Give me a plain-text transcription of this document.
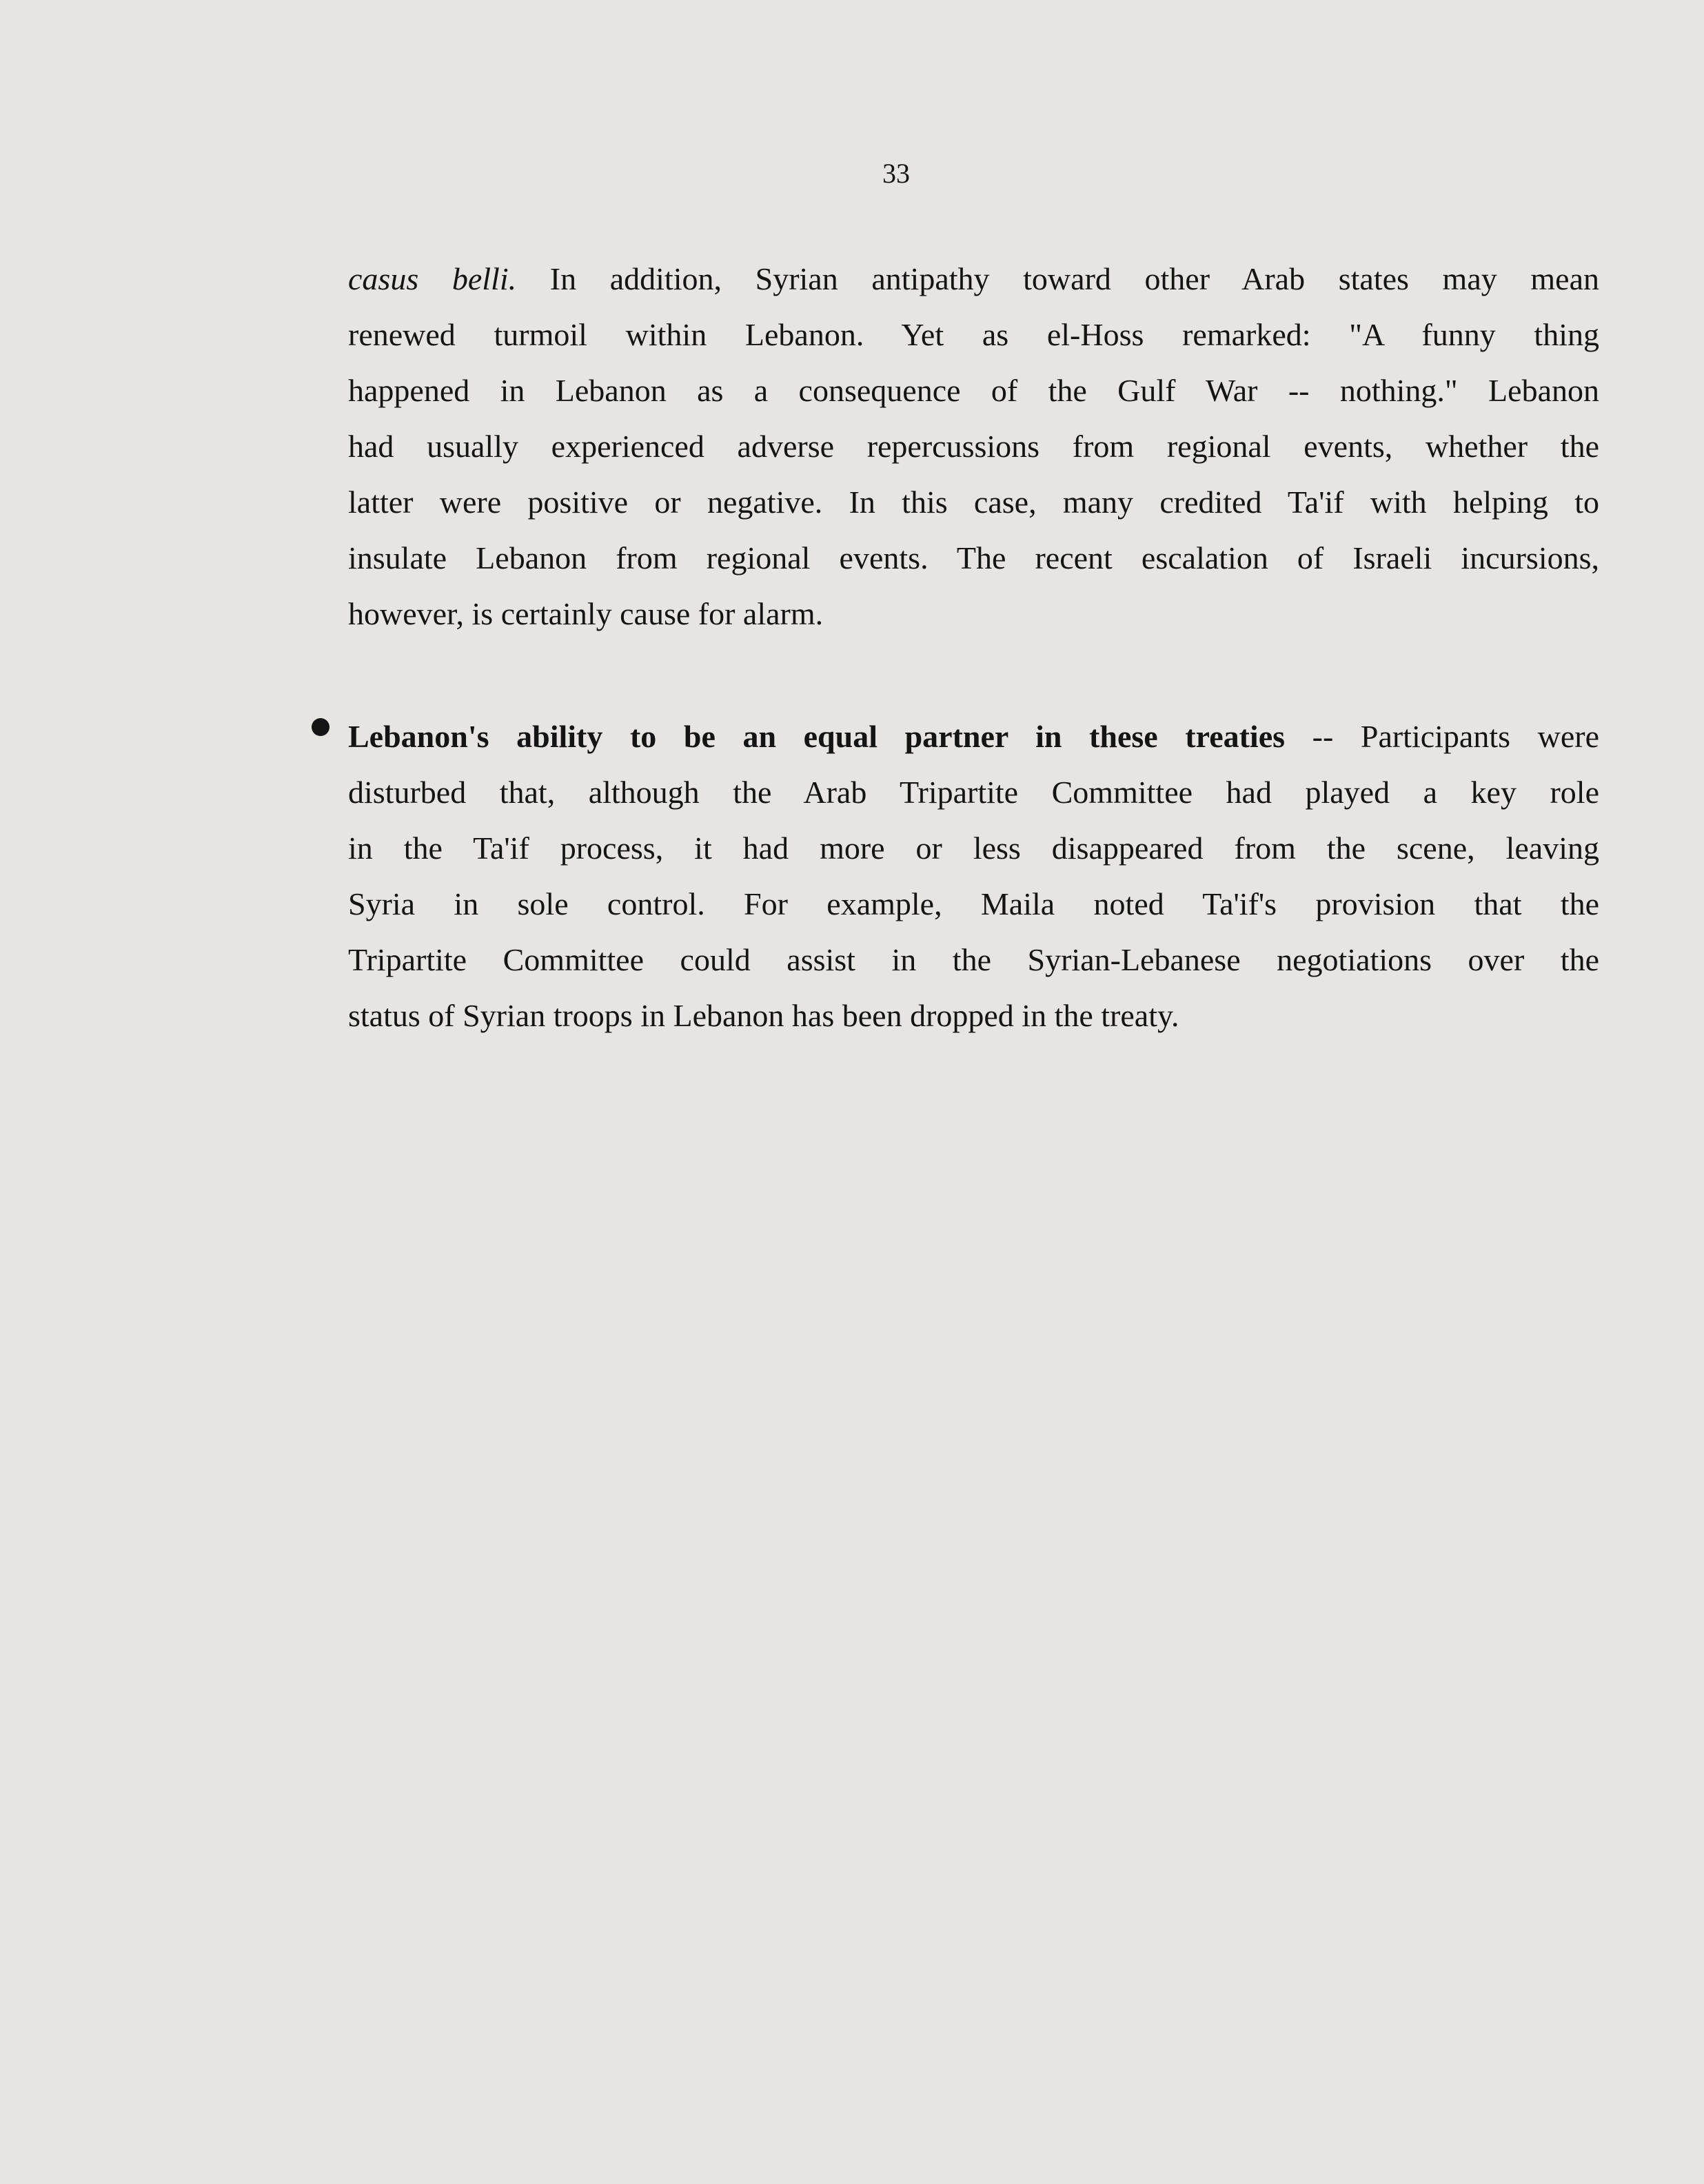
33
casus belli. In addition, Syrian antipathy toward other Arab states may mean
renewed turmoil within Lebanon. Yet as el-Hoss remarked: "A funny thing
happened in Lebanon as a consequence of the Gulf War -- nothing." Lebanon
had usually experienced adverse repercussions from regional events, whether the
latter were positive or negative. In this case, many credited Ta'if with helping to
insulate Lebanon from regional events. The recent escalation of Israeli incursions,
however, is certainly cause for alarm.
Lebanon's ability to be an equal partner in these treaties -- Participants were
disturbed that, although the Arab Tripartite Committee had played a key role
in the Ta'if process, it had more or less disappeared from the scene, leaving
Syria in sole control. For example, Maila noted Ta'if's provision that the
Tripartite Committee could assist in the Syrian-Lebanese negotiations over the
status of Syrian troops in Lebanon has been dropped in the treaty.
